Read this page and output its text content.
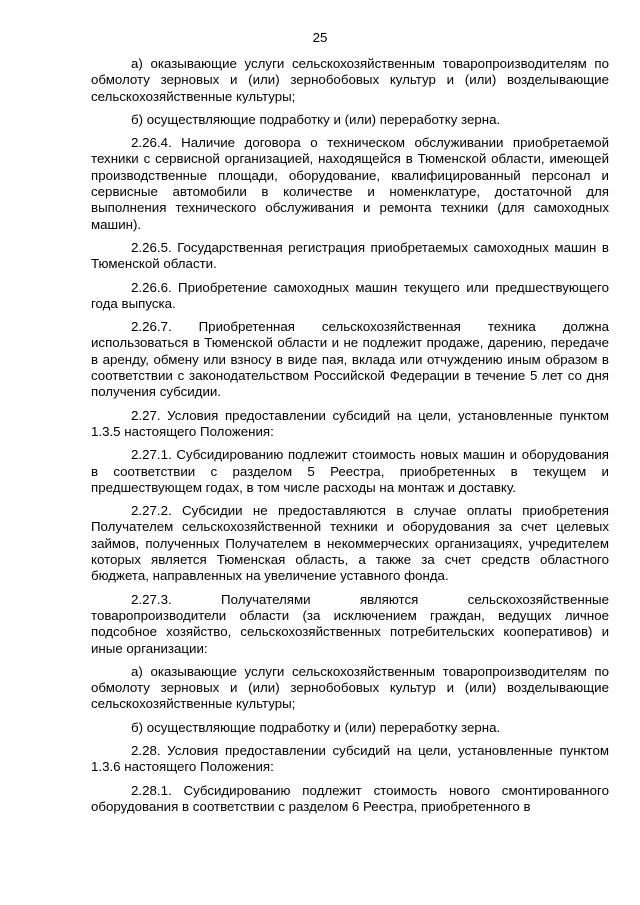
25

а) оказывающие услуги сельскохозяйственным товаропроизводителям по обмолоту зерновых и (или) зернобобовых культур и (или) возделывающие сельскохозяйственные культуры;

б) осуществляющие подработку и (или) переработку зерна.

2.26.4. Наличие договора о техническом обслуживании приобретаемой техники с сервисной организацией, находящейся в Тюменской области, имеющей производственные площади, оборудование, квалифицированный персонал и сервисные автомобили в количестве и номенклатуре, достаточной для выполнения технического обслуживания и ремонта техники (для самоходных машин).

2.26.5. Государственная регистрация приобретаемых самоходных машин в Тюменской области.

2.26.6. Приобретение самоходных машин текущего или предшествующего года выпуска.

2.26.7. Приобретенная сельскохозяйственная техника должна использоваться в Тюменской области и не подлежит продаже, дарению, передаче в аренду, обмену или взносу в виде пая, вклада или отчуждению иным образом в соответствии с законодательством Российской Федерации в течение 5 лет со дня получения субсидии.

2.27. Условия предоставлении субсидий на цели, установленные пунктом 1.3.5 настоящего Положения:

2.27.1. Субсидированию подлежит стоимость новых машин и оборудования в соответствии с разделом 5 Реестра, приобретенных в текущем и предшествующем годах, в том числе расходы на монтаж и доставку.

2.27.2. Субсидии не предоставляются в случае оплаты приобретения Получателем сельскохозяйственной техники и оборудования за счет целевых займов, полученных Получателем в некоммерческих организациях, учредителем которых является Тюменская область, а также за счет средств областного бюджета, направленных на увеличение уставного фонда.

2.27.3. Получателями являются сельскохозяйственные товаропроизводители области (за исключением граждан, ведущих личное подсобное хозяйство, сельскохозяйственных потребительских кооперативов) и иные организации:

а) оказывающие услуги сельскохозяйственным товаропроизводителям по обмолоту зерновых и (или) зернобобовых культур и (или) возделывающие сельскохозяйственные культуры;

б) осуществляющие подработку и (или) переработку зерна.

2.28. Условия предоставлении субсидий на цели, установленные пунктом 1.3.6 настоящего Положения:

2.28.1. Субсидированию подлежит стоимость нового смонтированного оборудования в соответствии с разделом 6 Реестра, приобретенного в
